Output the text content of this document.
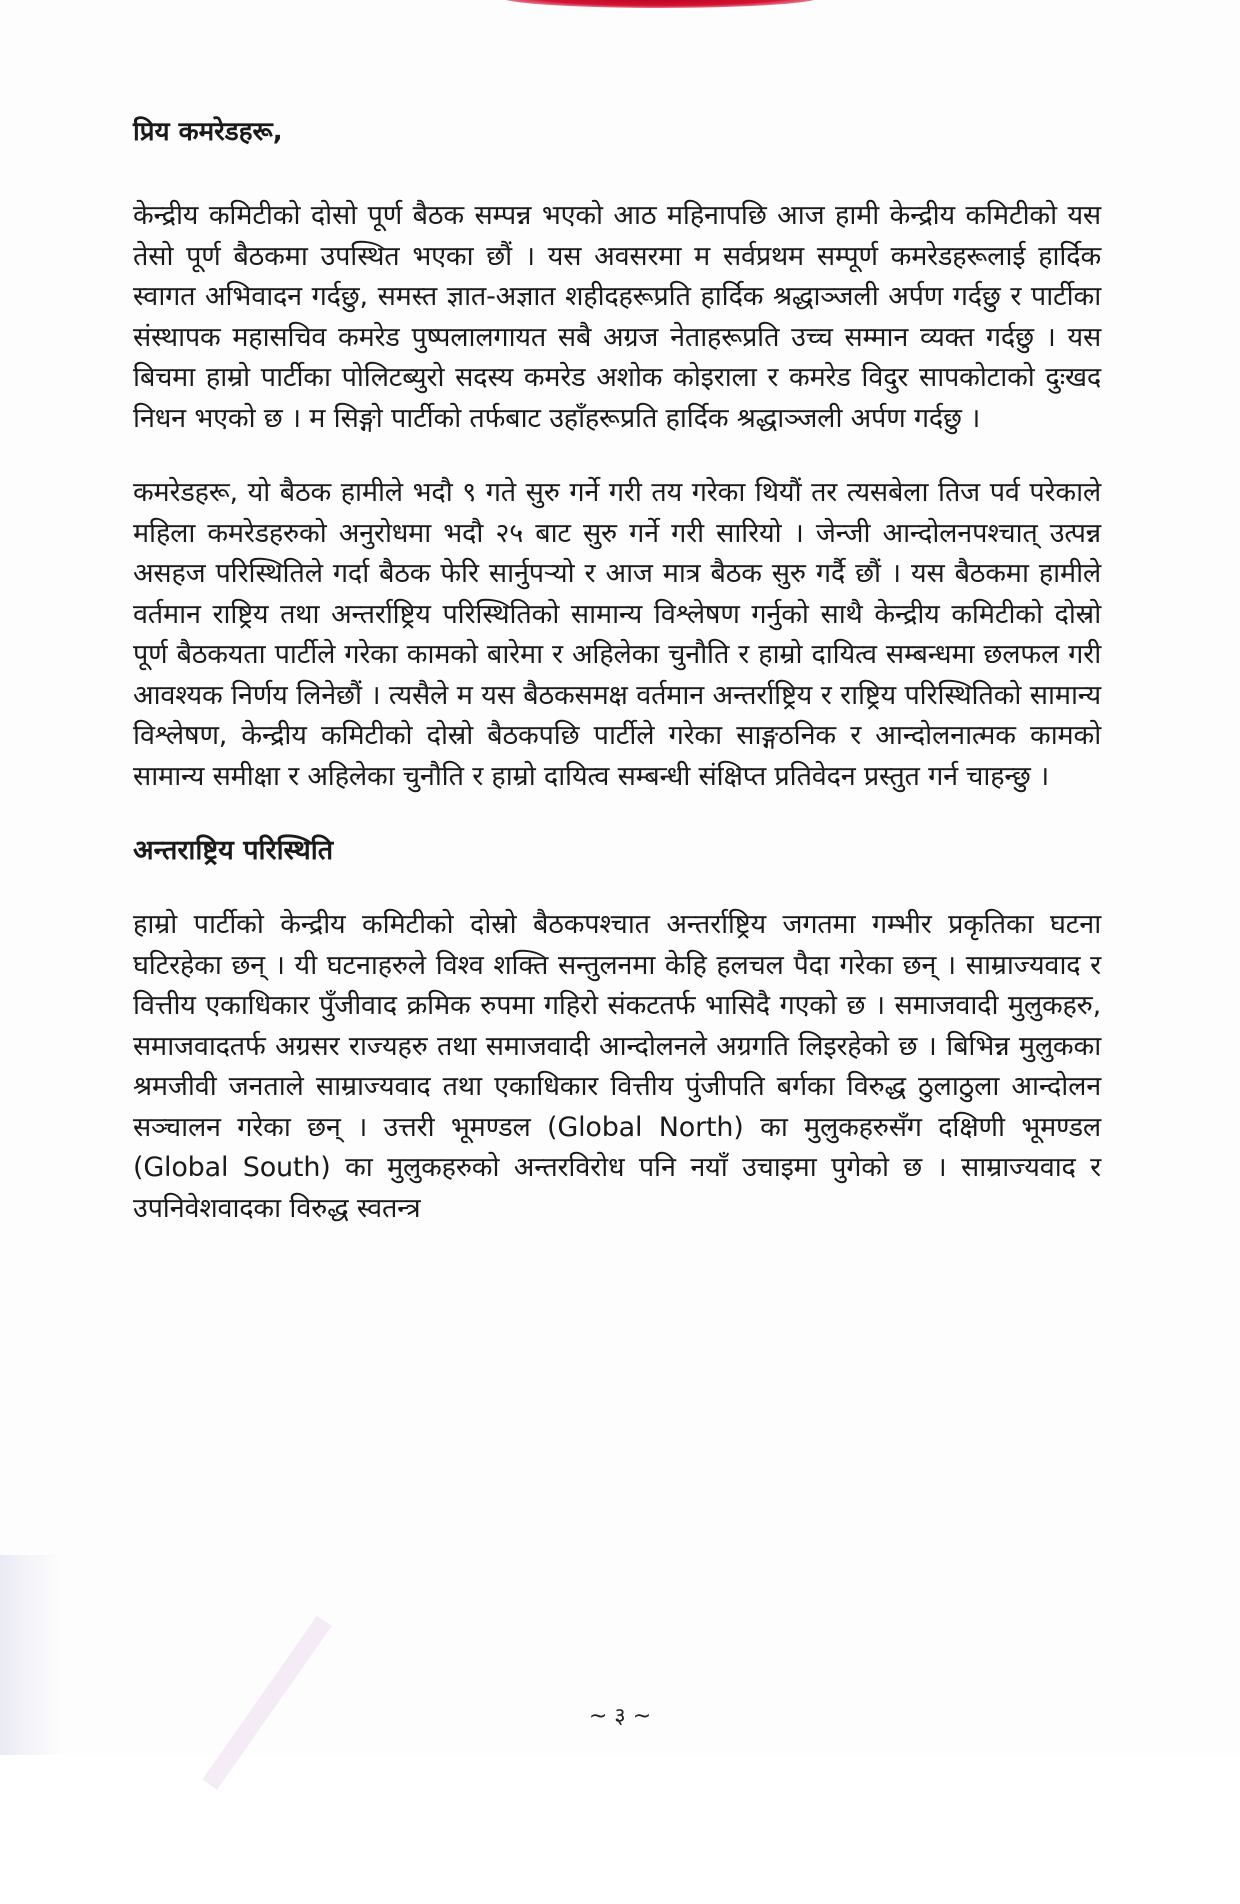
प्रिय कमरेडहरू,

केन्द्रीय कमिटीको दोसो पूर्ण बैठक सम्पन्न भएको आठ महिनापछि आज हामी केन्द्रीय कमिटीको यस तेसो पूर्ण बैठकमा उपस्थित भएका छौं । यस अवसरमा म सर्वप्रथम सम्पूर्ण कमरेडहरूलाई हार्दिक स्वागत अभिवादन गर्दछु, समस्त ज्ञात-अज्ञात शहीदहरूप्रति हार्दिक श्रद्धाञ्जली अर्पण गर्दछु र पार्टीका संस्थापक महासचिव कमरेड पुष्पलालगायत सबै अग्रज नेताहरूप्रति उच्च सम्मान व्यक्त गर्दछु । यस बिचमा हाम्रो पार्टीका पोलिटब्युरो सदस्य कमरेड अशोक कोइराला र कमरेड विदुर सापकोटाको दुःखद निधन भएको छ । म सिङ्गो पार्टीको तर्फबाट उहाँहरूप्रति हार्दिक श्रद्धाञ्जली अर्पण गर्दछु ।

कमरेडहरू, यो बैठक हामीले भदौ ९ गते सुरु गर्ने गरी तय गरेका थियौं तर त्यसबेला तिज पर्व परेकाले महिला कमरेडहरुको अनुरोधमा भदौ २५ बाट सुरु गर्ने गरी सारियो । जेन्जी आन्दोलनपश्चात् उत्पन्न असहज परिस्थितिले गर्दा बैठक फेरि सार्नुपर्‍यो र आज मात्र बैठक सुरु गर्दै छौं । यस बैठकमा हामीले वर्तमान राष्ट्रिय तथा अन्तर्राष्ट्रिय परिस्थितिको सामान्य विश्लेषण गर्नुको साथै केन्द्रीय कमिटीको दोस्रो पूर्ण बैठकयता पार्टीले गरेका कामको बारेमा र अहिलेका चुनौति र हाम्रो दायित्व सम्बन्धमा छलफल गरी आवश्यक निर्णय लिनेछौं । त्यसैले म यस बैठकसमक्ष वर्तमान अन्तर्राष्ट्रिय र राष्ट्रिय परिस्थितिको सामान्य विश्लेषण, केन्द्रीय कमिटीको दोस्रो बैठकपछि पार्टीले गरेका साङ्गठनिक र आन्दोलनात्मक कामको सामान्य समीक्षा र अहिलेका चुनौति र हाम्रो दायित्व सम्बन्धी संक्षिप्त प्रतिवेदन प्रस्तुत गर्न चाहन्छु ।

अन्तराष्ट्रिय परिस्थिति

हाम्रो पार्टीको केन्द्रीय कमिटीको दोस्रो बैठकपश्चात अन्तर्राष्ट्रिय जगतमा गम्भीर प्रकृतिका घटना घटिरहेका छन् । यी घटनाहरुले विश्व शक्ति सन्तुलनमा केहि हलचल पैदा गरेका छन् । साम्राज्यवाद र वित्तीय एकाधिकार पुँजीवाद क्रमिक रुपमा गहिरो संकटतर्फ भासिदै गएको छ । समाजवादी मुलुकहरु, समाजवादतर्फ अग्रसर राज्यहरु तथा समाजवादी आन्दोलनले अग्रगति लिइरहेको छ । बिभिन्न मुलुकका श्रमजीवी जनताले साम्राज्यवाद तथा एकाधिकार वित्तीय पुंजीपति बर्गका विरुद्ध ठुलाठुला आन्दोलन सञ्चालन गरेका छन् । उत्तरी भूमण्डल (Global North) का मुलुकहरुसँग दक्षिणी भूमण्डल (Global South) का मुलुकहरुको अन्तरविरोध पनि नयाँ उचाइमा पुगेको छ । साम्राज्यवाद र उपनिवेशवादका विरुद्ध स्वतन्त्र

~ ३ ~
